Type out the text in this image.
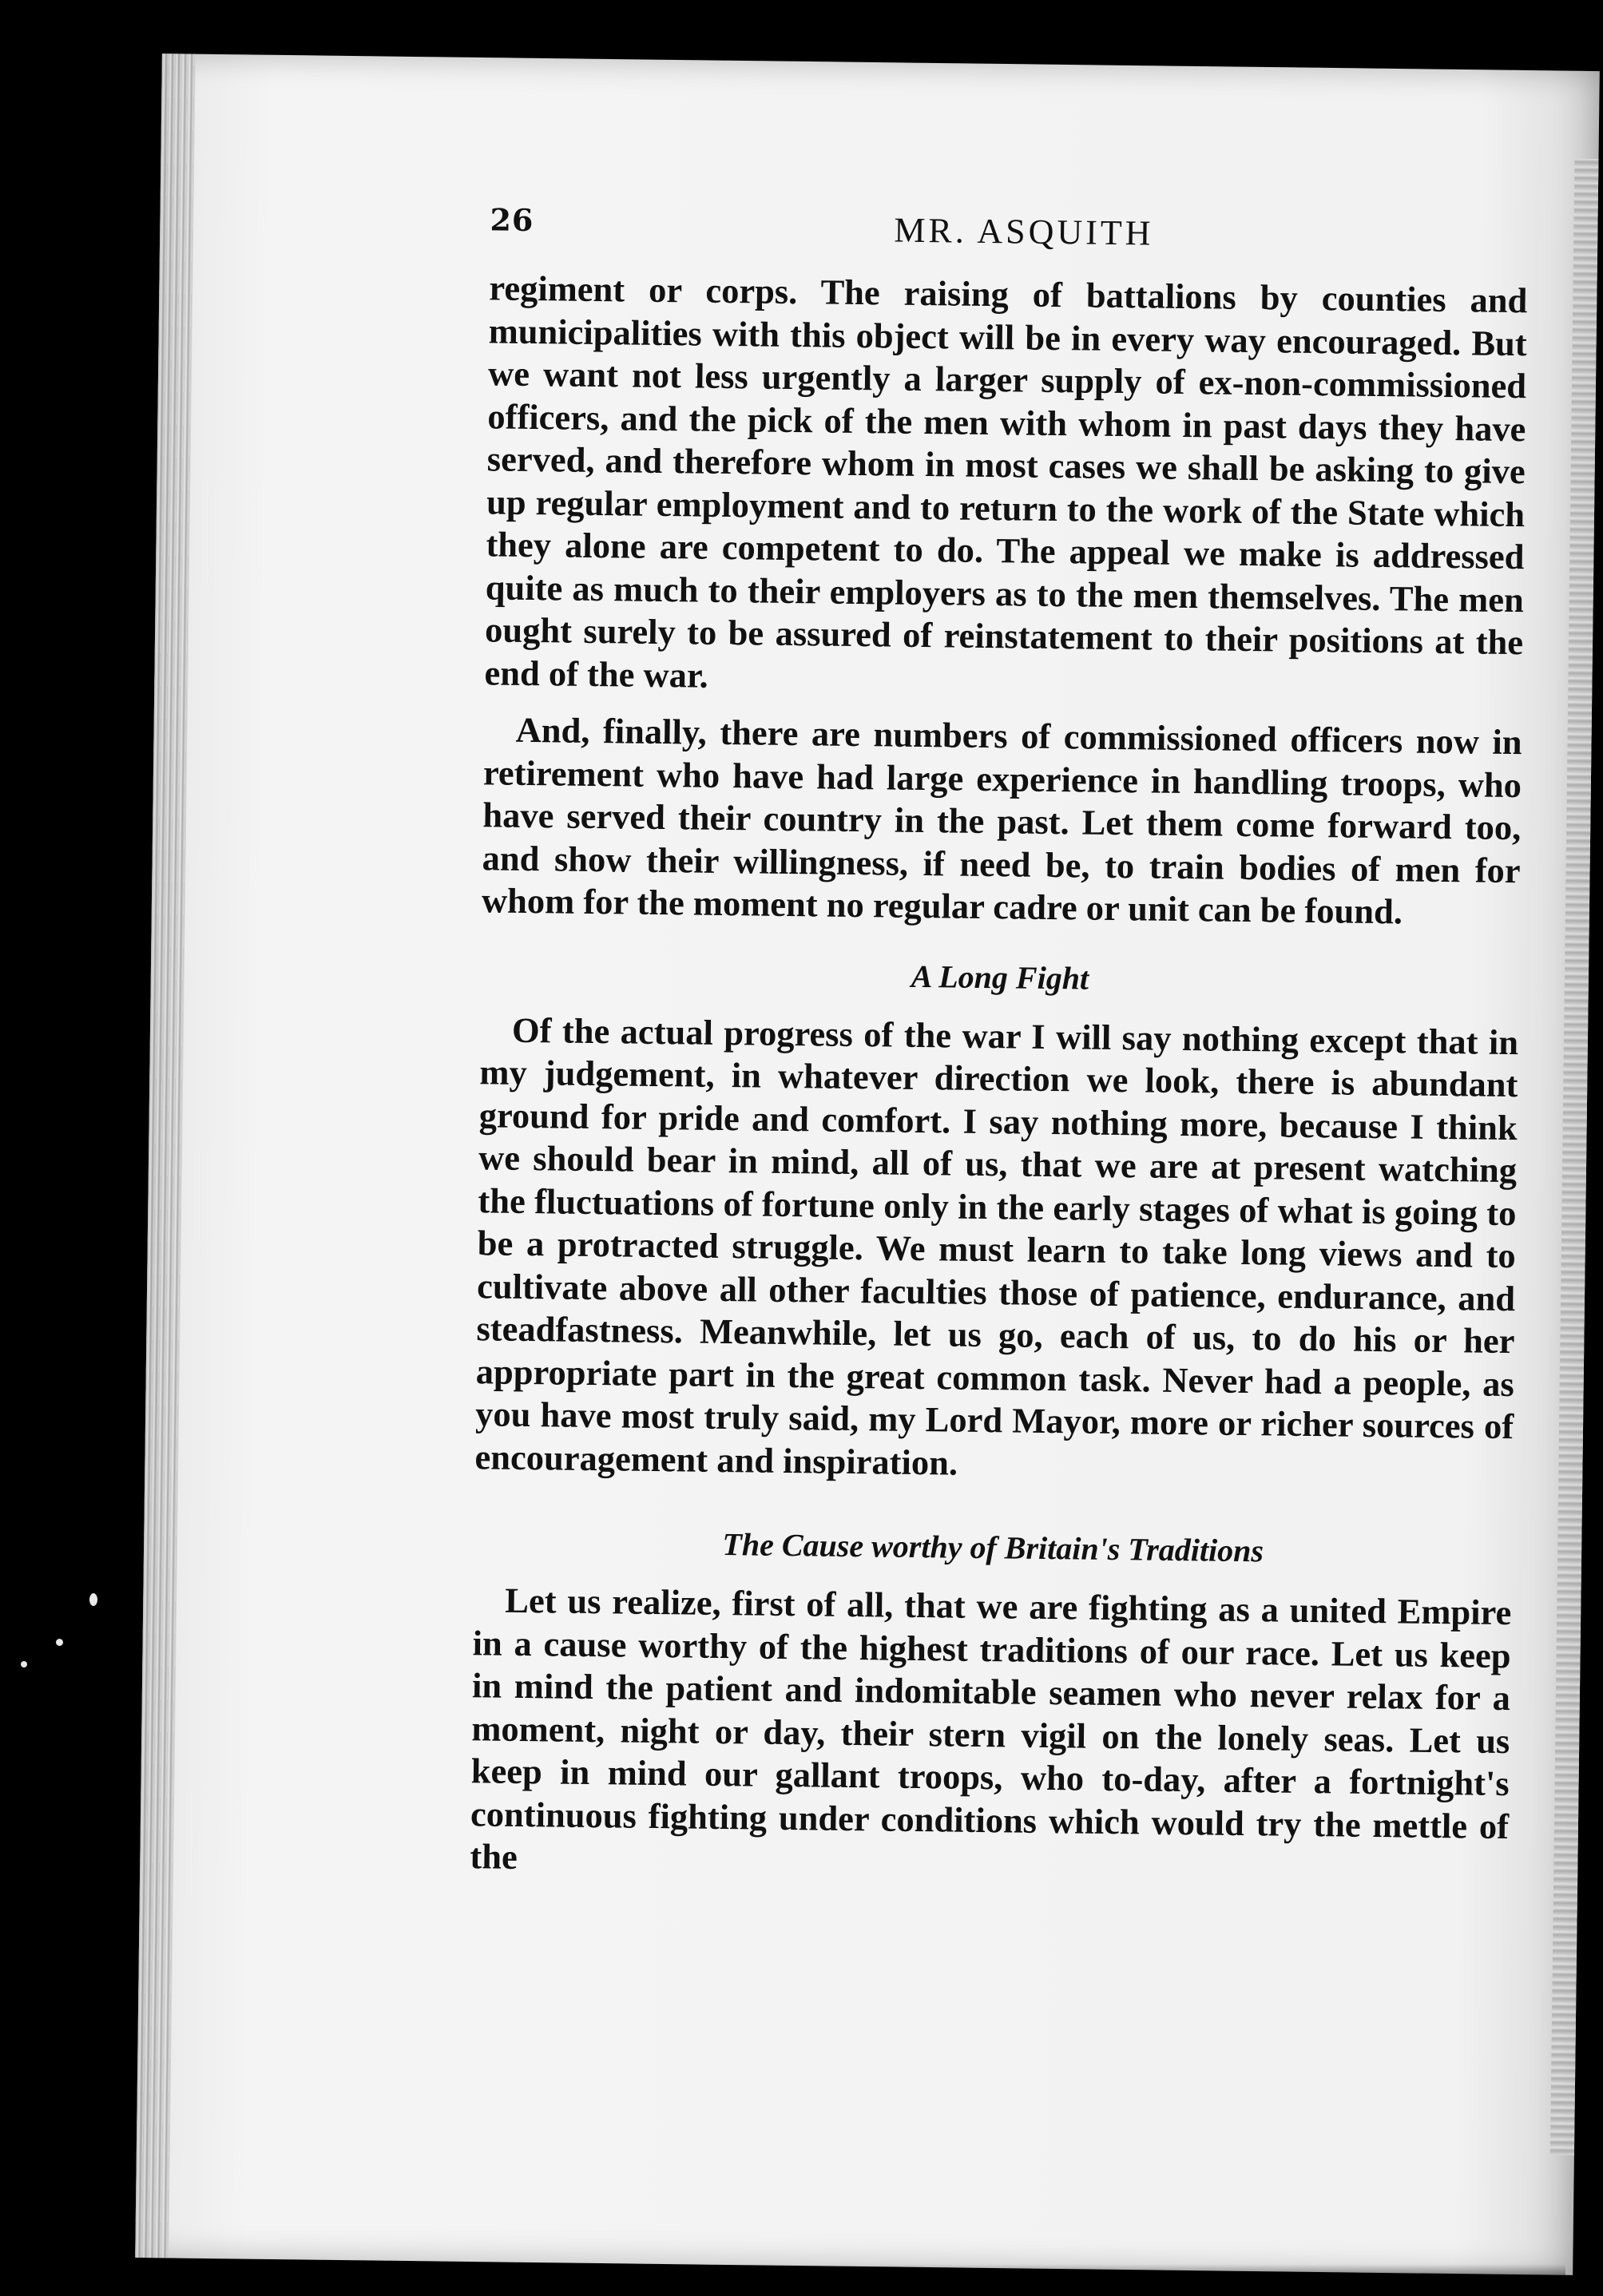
26	MR. ASQUITH

regiment or corps. The raising of battalions by counties and municipalities with this object will be in every way encouraged. But we want not less urgently a larger supply of ex-non-commissioned officers, and the pick of the men with whom in past days they have served, and therefore whom in most cases we shall be asking to give up regular employment and to return to the work of the State which they alone are competent to do. The appeal we make is addressed quite as much to their employers as to the men themselves. The men ought surely to be assured of reinstatement to their positions at the end of the war.

And, finally, there are numbers of commissioned officers now in retirement who have had large experience in handling troops, who have served their country in the past. Let them come forward too, and show their willingness, if need be, to train bodies of men for whom for the moment no regular cadre or unit can be found.

A Long Fight

Of the actual progress of the war I will say nothing except that in my judgement, in whatever direction we look, there is abundant ground for pride and comfort. I say nothing more, because I think we should bear in mind, all of us, that we are at present watching the fluctuations of fortune only in the early stages of what is going to be a protracted struggle. We must learn to take long views and to cultivate above all other faculties those of patience, endurance, and steadfastness. Meanwhile, let us go, each of us, to do his or her appropriate part in the great common task. Never had a people, as you have most truly said, my Lord Mayor, more or richer sources of encouragement and inspiration.

The Cause worthy of Britain's Traditions

Let us realize, first of all, that we are fighting as a united Empire in a cause worthy of the highest traditions of our race. Let us keep in mind the patient and indomitable seamen who never relax for a moment, night or day, their stern vigil on the lonely seas. Let us keep in mind our gallant troops, who to-day, after a fortnight's continuous fighting under conditions which would try the mettle of the
